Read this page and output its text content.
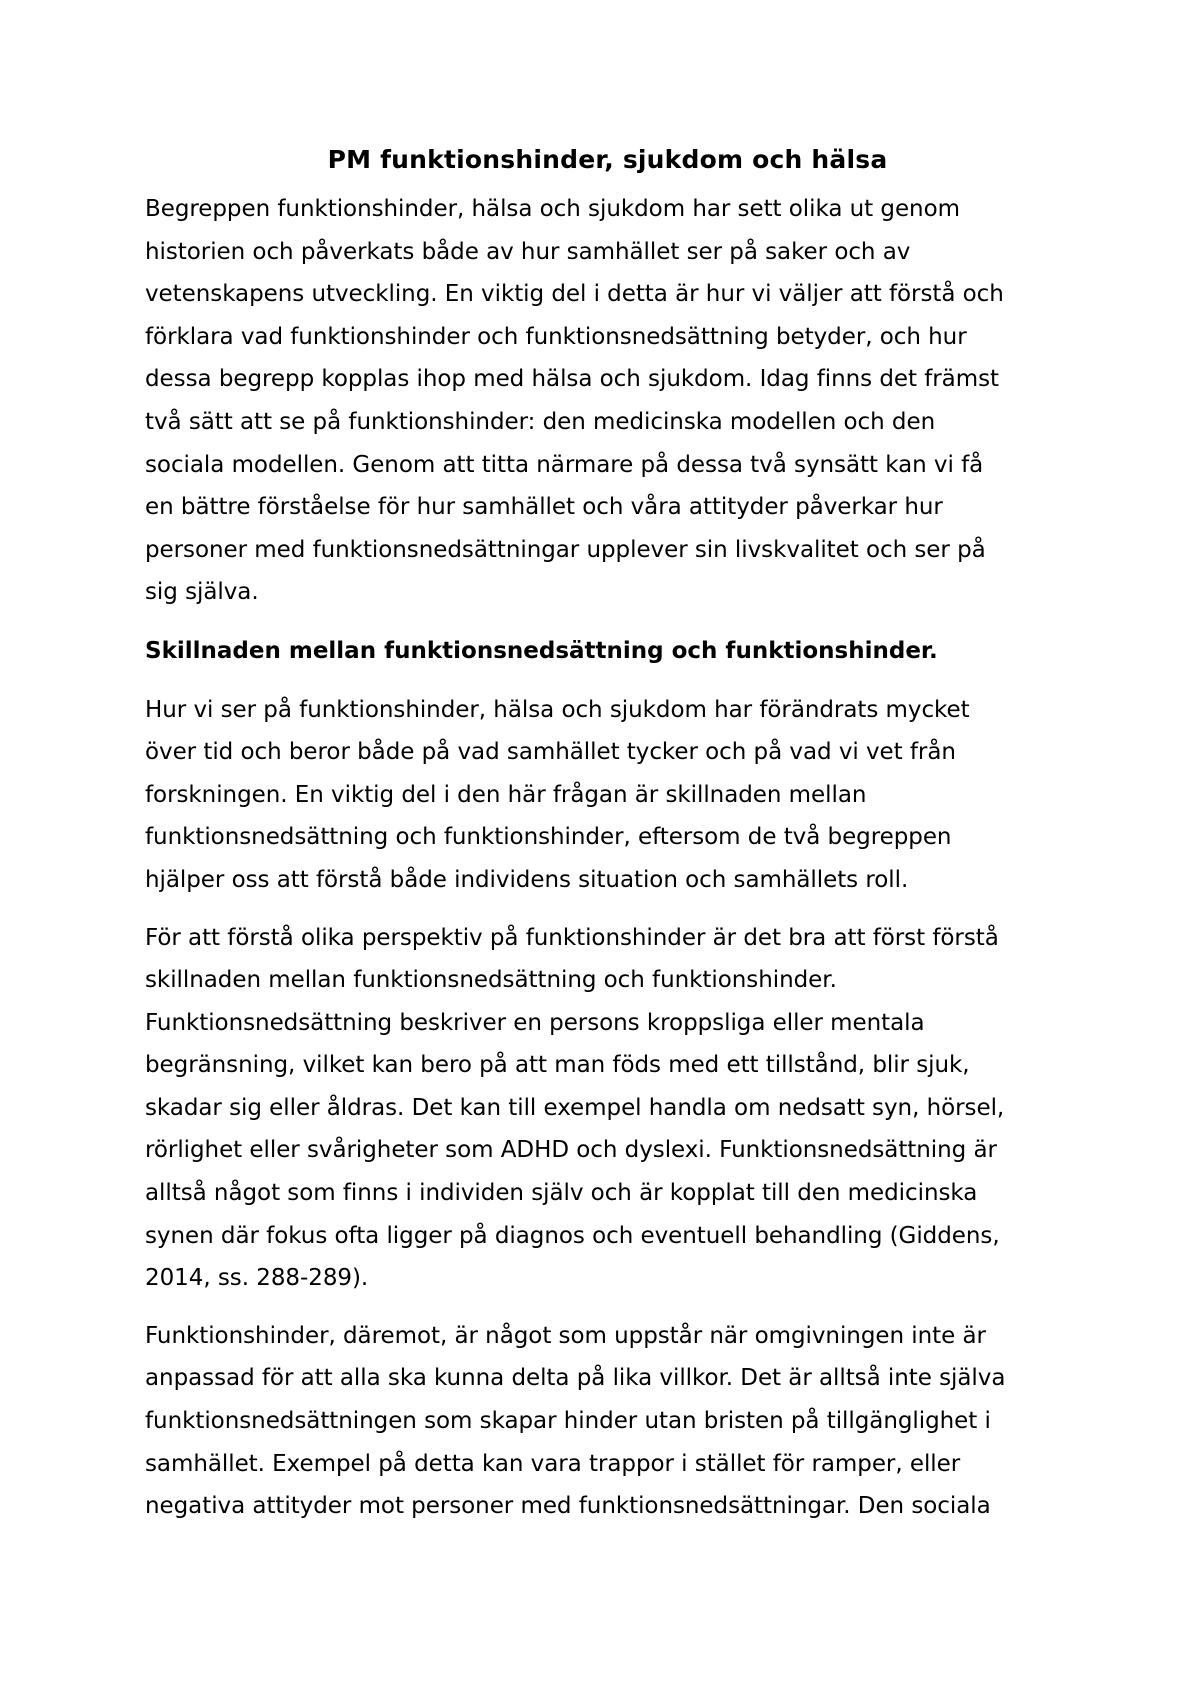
PM funktionshinder, sjukdom och hälsa

Begreppen funktionshinder, hälsa och sjukdom har sett olika ut genom
historien och påverkats både av hur samhället ser på saker och av
vetenskapens utveckling. En viktig del i detta är hur vi väljer att förstå och
förklara vad funktionshinder och funktionsnedsättning betyder, och hur
dessa begrepp kopplas ihop med hälsa och sjukdom. Idag finns det främst
två sätt att se på funktionshinder: den medicinska modellen och den
sociala modellen. Genom att titta närmare på dessa två synsätt kan vi få
en bättre förståelse för hur samhället och våra attityder påverkar hur
personer med funktionsnedsättningar upplever sin livskvalitet och ser på
sig själva.

Skillnaden mellan funktionsnedsättning och funktionshinder.

Hur vi ser på funktionshinder, hälsa och sjukdom har förändrats mycket
över tid och beror både på vad samhället tycker och på vad vi vet från
forskningen. En viktig del i den här frågan är skillnaden mellan
funktionsnedsättning och funktionshinder, eftersom de två begreppen
hjälper oss att förstå både individens situation och samhällets roll.

För att förstå olika perspektiv på funktionshinder är det bra att först förstå
skillnaden mellan funktionsnedsättning och funktionshinder.
Funktionsnedsättning beskriver en persons kroppsliga eller mentala
begränsning, vilket kan bero på att man föds med ett tillstånd, blir sjuk,
skadar sig eller åldras. Det kan till exempel handla om nedsatt syn, hörsel,
rörlighet eller svårigheter som ADHD och dyslexi. Funktionsnedsättning är
alltså något som finns i individen själv och är kopplat till den medicinska
synen där fokus ofta ligger på diagnos och eventuell behandling (Giddens,
2014, ss. 288-289).

Funktionshinder, däremot, är något som uppstår när omgivningen inte är
anpassad för att alla ska kunna delta på lika villkor. Det är alltså inte själva
funktionsnedsättningen som skapar hinder utan bristen på tillgänglighet i
samhället. Exempel på detta kan vara trappor i stället för ramper, eller
negativa attityder mot personer med funktionsnedsättningar. Den sociala
